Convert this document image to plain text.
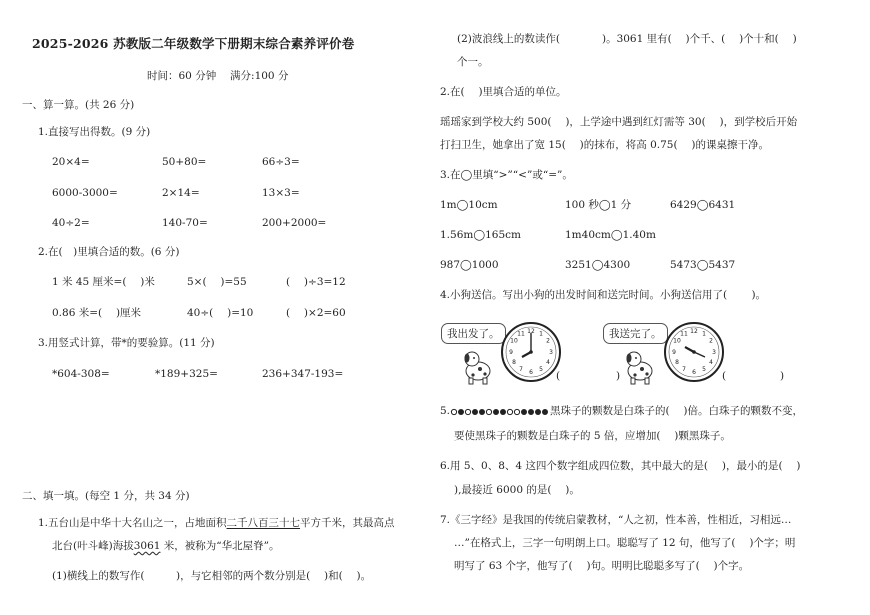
2025-2026 苏教版二年级数学下册期末综合素养评价卷
时间：60 分钟　 满分:100 分
一、算一算。(共 26 分)
1.直接写出得数。(9 分)
20×4=	50+80=	66÷3=
6000-3000=	2×14=	13×3=
40÷2=	140-70=	200+2000=
2.在(　)里填合适的数。(6 分)
1 米 45 厘米=(　 )米	5×(　 )=55	(　 )÷3=12
0.86 米=(　 )厘米	40÷(　 )=10	(　 )×2=60
3.用竖式计算，带*的要验算。(11 分)
*604-308=	*189+325=	236+347-193=
二、填一填。(每空 1 分，共 34 分)
1.五台山是中华十大名山之一，占地面积二千八百三十七平方千米，其最高点
北台(叶斗峰)海拔3061 米，被称为“华北屋脊”。
(1)横线上的数写作(　　　)，与它相邻的两个数分别是(　 )和(　 )。
(2)波浪线上的数读作(　　　　)。3061 里有(　 )个千、(　 )个十和(　 )
个一。
2.在(　 )里填合适的单位。
瑶瑶家到学校大约 500(　 )，上学途中遇到红灯需等 30(　 )，到学校后开始
打扫卫生，她拿出了宽 15(　 )的抹布，将高 0.75(　 )的课桌擦干净。
3.在◯里填“>”“<”或“=”。
1m◯10cm	100 秒◯1 分	6429◯6431
1.56m◯165cm	1m40cm◯1.40m
987◯1000	3251◯4300	5473◯5437
4.小狗送信。写出小狗的出发时间和送完时间。小狗送信用了(　　 )。
我出发了。	我送完了。
12 1
2
3
4
5
6
7
8
9
10
11	12 1
2
3
4
5
6
7
8
9
10
11
(	)	(	)
5.	黑珠子的颗数是白珠子的(　 )倍。白珠子的颗数不变，
要使黑珠子的颗数是白珠子的 5 倍，应增加(　 )颗黑珠子。
6.用 5、0、8、4 这四个数字组成四位数，其中最大的是(　 )，最小的是(　 )
),最接近 6000 的是(　 )。
7.《三字经》是我国的传统启蒙教材，“人之初，性本善，性相近，习相远…
…”在格式上，三字一句明朗上口。聪聪写了 12 句，他写了(　 )个字；明
明写了 63 个字，他写了(　 )句。明明比聪聪多写了(　 )个字。
